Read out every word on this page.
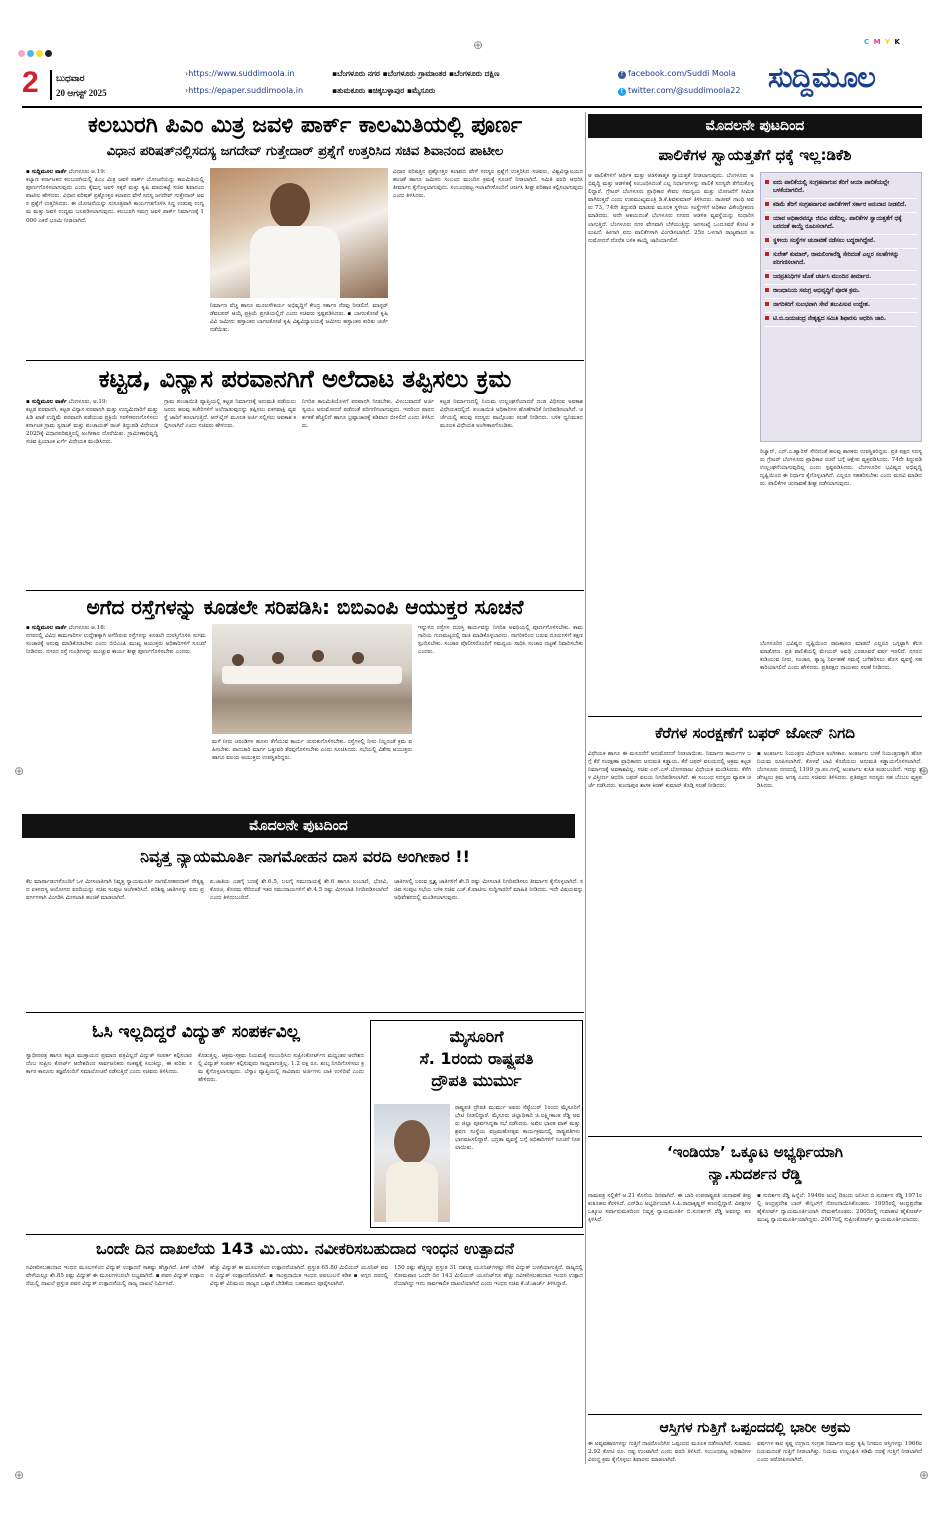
⊕	C M Y K
⊕	⊕
⊕	⊕
2 ಬುಧವಾರ
20 ಆಗಸ್ಟ್ 2025
›https://www.suddimoola.in
›https://epaper.suddimoola.in
▪ಬೆಂಗಳೂರು ನಗರ ▪ಬೆಂಗಳೂರು ಗ್ರಾಮಾಂತರ ▪ಬೆಂಗಳೂರು ದಕ್ಷಿಣ
▪ತುಮಕೂರು ▪ಚಿಕ್ಕಬಳ್ಳಾಪುರ ▪ಮೈಸೂರು
f facebook.com/Suddi Moola
t twitter.com/@suddimoola22 ಸುದ್ದಿಮೂಲ
ಕಲಬುರಗಿ ಪಿಎಂ ಮಿತ್ರ ಜವಳಿ ಪಾರ್ಕ್ ಕಾಲಮಿತಿಯಲ್ಲಿ ಪೂರ್ಣ
ವಿಧಾನ ಪರಿಷತ್‌ನಲ್ಲಿಸದಸ್ಯ ಜಗದೇವ್ ಗುತ್ತೇದಾರ್ ಪ್ರಶ್ನೆಗೆ ಉತ್ತರಿಸಿದ ಸಚಿವ ಶಿವಾನಂದ ಪಾಟೀಲ
▪ ಸುದ್ದಿಮೂಲ ವಾರ್ತೆ ಬೆಂಗಳೂರು ಆ.19:
ಕಲ್ಯಾಣ ಕರ್ನಾಟಕದ ಕಲಬುರಗಿಯಲ್ಲಿ ಪಿಎಂ ಮಿತ್ರ ಜವಳಿ ಪಾರ್ಕ್ ಯೋಜನೆಯನ್ನು ಕಾಲಮಿತಿಯಲ್ಲಿ ಪೂರ್ಣಗೊಳಿಸಲಾಗುವುದು ಎಂದು ಕೈಮಗ್ಗ ಜವಳಿ ಸಕ್ಕರೆ ಮತ್ತು ಕೃಷಿ ಮಾರುಕಟ್ಟೆ ಸಚಿವ ಶಿವಾನಂದ ಪಾಟೀಲ ಹೇಳಿದರು. ವಿಧಾನ ಪರಿಷತ್ ಪ್ರಶ್ನೋತ್ತರ ಕಲಾಪದ ವೇಳೆ ಸದಸ್ಯ ಜಗದೇವ್ ಗುತ್ತೇದಾರ್ ಅವರ ಪ್ರಶ್ನೆಗೆ ಉತ್ತರಿಸಿದರು. ಈ ಯೋಜನೆಯನ್ನು ಸುಸೂತ್ರವಾಗಿ ಕಾರ್ಯಗತಗೊಳಿಸಿ ಸಿದ್ಧ ಉಡುಪು ಉದ್ಯಮ ಮತ್ತು ಜವಳಿ ಉದ್ಯಮ ಬಲಪಡಿಸಲಾಗುವುದು. ಕಲಬುರಗಿ ಸಮಗ್ರ ಜವಳಿ ಪಾರ್ಕ್ ನಿರ್ಮಾಣಕ್ಕೆ 1000 ಎಕರೆ ಭೂಮಿ ನೀಡಲಾಗಿದೆ.
ನಿರ್ಮಾಣ ವೆಚ್ಚ ಹಾಗೂ ಮೂಲಸೌಕರ್ಯ ಅಭಿವೃದ್ಧಿಗೆ ಕೇಂದ್ರ ಸರ್ಕಾರ ನೆರವು ನೀಡಲಿದೆ. ಮಾಸ್ಟರ್ ಡೆವಲಪರ್ ಆಯ್ಕೆ ಪ್ರಕ್ರಿಯೆ ಪ್ರಗತಿಯಲ್ಲಿದೆ ಎಂದು ಸಚಿವರು ಸ್ಪಷ್ಟಪಡಿಸಿದರು. ▪ ಬಾಗಲಕೋಟೆ ಕೃಷಿ ವಿವಿ ಜಮೀನು ಹಸ್ತಾಂತರ ಬಾಗಲಕೋಟೆ ಕೃಷಿ ವಿಶ್ವವಿದ್ಯಾಲಯಕ್ಕೆ ಜಮೀನು ಹಸ್ತಾಂತರ ಕುರಿತು ಚರ್ಚೆ ನಡೆಯಿತು.
ವಿಧಾನ ಪರಿಷತ್ತಿನ ಪ್ರಶ್ನೋತ್ತರ ಕಲಾಪದ ವೇಳೆ ಸದಸ್ಯರ ಪ್ರಶ್ನೆಗೆ ಉತ್ತರಿಸಿದ ಸಚಿವರು, ವಿಶ್ವವಿದ್ಯಾಲಯದ ಹಂಚಿಕೆ ಹಾಗೂ ಜಮೀನು ಸಂಬಂಧ ಮುಂದಿನ ಕ್ರಮಕ್ಕೆ ಸೂಚನೆ ನೀಡಲಾಗಿದೆ. ಸಮಿತಿ ವರದಿ ಆಧರಿಸಿ ತೀರ್ಮಾನ ಕೈಗೊಳ್ಳಲಾಗುವುದು. ಸಂಬಂಧಪಟ್ಟ ಇಲಾಖೆಗಳೊಂದಿಗೆ ಚರ್ಚಿಸಿ ಶೀಘ್ರ ಪರಿಹಾರ ಕಲ್ಪಿಸಲಾಗುವುದು ಎಂದು ತಿಳಿಸಿದರು.
ಕಟ್ಟಡ, ವಿನ್ಯಾಸ ಪರವಾನಗಿಗೆ ಅಲೆದಾಟ ತಪ್ಪಿಸಲು ಕ್ರಮ
▪ ಸುದ್ದಿಮೂಲ ವಾರ್ತೆ ಬೆಂಗಳೂರು, ಆ.19:
ಕಟ್ಟಡ ಪರವಾನಗಿ, ಕಟ್ಟಡ ವಿನ್ಯಾಸ ಪರವಾನಗಿ ಮತ್ತು ಉದ್ಯಮಿದಾರಿಗೆ ಮತ್ತು ಪಿಡಿ ಖಾತೆ ಉದ್ದಿಮೆ ಪರವಾನಗಿ ಪಡೆಯುವ ಪ್ರಕ್ರಿಯೆ ಸರಳೀಕರಣಗೊಳಿಸಲು ಕರ್ನಾಟಕ ಗ್ರಾಮ ಸ್ವರಾಜ್ ಮತ್ತು ಪಂಚಾಯತ್ ರಾಜ್ ತಿದ್ದುಪಡಿ ವಿಧೇಯಕ 2025ಕ್ಕೆ ವಿಧಾನಪರಿಷತ್ತಿನಲ್ಲಿ ಅಂಗೀಕಾರ ದೊರೆಯಿತು. ಗ್ರಾಮೀಣಾಭಿವೃದ್ಧಿ ಸಚಿವ ಪ್ರಿಯಾಂಕ ಖರ್ಗೆ ವಿಧೇಯಕ ಮಂಡಿಸಿದರು.
ಗ್ರಾಮ ಪಂಚಾಯಿತಿ ವ್ಯಾಪ್ತಿಯಲ್ಲಿ ಕಟ್ಟಡ ನಿರ್ಮಾಣಕ್ಕೆ ಅನುಮತಿ ಪಡೆಯಲು ಜನರು ಹಲವು ಕಚೇರಿಗಳಿಗೆ ಅಲೆದಾಡುವುದನ್ನು ತಪ್ಪಿಸಲು ಏಕಗವಾಕ್ಷಿ ವ್ಯವಸ್ಥೆ ಜಾರಿಗೆ ತರಲಾಗುತ್ತಿದೆ. ಆನ್‌ಲೈನ್ ಮೂಲಕ ಅರ್ಜಿ ಸಲ್ಲಿಸಲು ಅವಕಾಶ ಕಲ್ಪಿಸಲಾಗಿದೆ ಎಂದು ಸಚಿವರು ಹೇಳಿದರು.
ನಿಗದಿತ ಕಾಲಮಿತಿಯೊಳಗೆ ಪರವಾನಗಿ ನೀಡಬೇಕು. ವಿಳಂಬವಾದರೆ ಅರ್ಜಿ ಸ್ವಯಂ ಅನುಮೋದನೆ ಪಡೆದಂತೆ ಪರಿಗಣಿಸಲಾಗುವುದು. ಇದರಿಂದ ಪಾರದರ್ಶಕತೆ ಹೆಚ್ಚಲಿದೆ ಹಾಗೂ ಭ್ರಷ್ಟಾಚಾರಕ್ಕೆ ಕಡಿವಾಣ ಬೀಳಲಿದೆ ಎಂದು ತಿಳಿಸಿದರು.
ಕಟ್ಟಡ ನಿರ್ಮಾಣದಲ್ಲಿ ನಿಯಮ ಉಲ್ಲಂಘನೆಯಾದರೆ ದಂಡ ವಿಧಿಸುವ ಅವಕಾಶ ವಿಧೇಯಕದಲ್ಲಿದೆ. ಪಂಚಾಯಿತಿ ಅಧಿಕಾರಿಗಳ ಹೊಣೆಗಾರಿಕೆ ನಿಗದಿಪಡಿಸಲಾಗಿದೆ. ಚರ್ಚೆಯಲ್ಲಿ ಹಲವು ಸದಸ್ಯರು ಪಾಲ್ಗೊಂಡು ಸಲಹೆ ನೀಡಿದರು. ಬಳಿಕ ಧ್ವನಿಮತದ ಮೂಲಕ ವಿಧೇಯಕ ಅಂಗೀಕಾರಗೊಂಡಿತು.
ಅಗೆದ ರಸ್ತೆಗಳನ್ನು ಕೂಡಲೇ ಸರಿಪಡಿಸಿ: ಬಿಬಿಎಂಪಿ ಆಯುಕ್ತರ ಸೂಚನೆ
▪ ಸುದ್ದಿಮೂಲ ವಾರ್ತೆ ಬೆಂಗಳೂರು ಆ.18:
ನಗರದಲ್ಲಿ ವಿವಿಧ ಕಾಮಗಾರಿಗಳ ಉದ್ದೇಶಕ್ಕಾಗಿ ಅಗೆದಿರುವ ರಸ್ತೆಗಳನ್ನು ಕೂಡಲೇ ದುರಸ್ತಿಗೊಳಿಸಿ ಸುಗಮ ಸಂಚಾರಕ್ಕೆ ಅನುವು ಮಾಡಿಕೊಡಬೇಕು ಎಂದು ಬಿಬಿಎಂಪಿ ಮುಖ್ಯ ಆಯುಕ್ತರು ಅಧಿಕಾರಿಗಳಿಗೆ ಸೂಚನೆ ನೀಡಿದರು. ನಗರದ ರಸ್ತೆ ಗುಂಡಿಗಳನ್ನು ಮುಚ್ಚುವ ಕಾರ್ಯ ಶೀಘ್ರ ಪೂರ್ಣಗೊಳಿಸಬೇಕು ಎಂದರು.
ಮಳೆ ನೀರು ಚರಂಡಿಗಳ ಹೂಳು ತೆಗೆಯುವ ಕಾರ್ಯ ಚುರುಕುಗೊಳಿಸಬೇಕು. ರಸ್ತೆಗಳಲ್ಲಿ ನೀರು ನಿಲ್ಲದಂತೆ ಕ್ರಮ ವಹಿಸಬೇಕು. ಪಾದಚಾರಿ ಮಾರ್ಗ ಒತ್ತುವರಿ ತೆರವುಗೊಳಿಸಬೇಕು ಎಂದು ಸೂಚಿಸಿದರು. ಸಭೆಯಲ್ಲಿ ವಿಶೇಷ ಆಯುಕ್ತರು ಹಾಗೂ ವಲಯ ಆಯುಕ್ತರು ಉಪಸ್ಥಿತರಿದ್ದರು.
ಇನ್ನುಳಿದ ರಸ್ತೆಗಳ ದುರಸ್ತಿ ಕಾರ್ಯವನ್ನು ನಿಗದಿತ ಅವಧಿಯಲ್ಲಿ ಪೂರ್ಣಗೊಳಿಸಬೇಕು. ಕಾಮಗಾರಿಯ ಗುಣಮಟ್ಟದಲ್ಲಿ ರಾಜಿ ಮಾಡಿಕೊಳ್ಳಬಾರದು. ನಾಗರಿಕರಿಂದ ಬರುವ ದೂರುಗಳಿಗೆ ತಕ್ಷಣ ಸ್ಪಂದಿಸಬೇಕು. ಸಂಚಾರ ಪೊಲೀಸರೊಂದಿಗೆ ಸಮನ್ವಯ ಸಾಧಿಸಿ ಸಂಚಾರ ದಟ್ಟಣೆ ನಿವಾರಿಸಬೇಕು ಎಂದರು.
ಮೊದಲನೇ ಪುಟದಿಂದ
ನಿವೃತ್ತ ನ್ಯಾಯಮೂರ್ತಿ ನಾಗಮೋಹನ ದಾಸ ವರದಿ ಅಂಗೀಕಾರ !!
ಕೆಲ ಮಾರ್ಪಾಡುಗಳೊಂದಿಗೆ ಒಳ ಮೀಸಲಾತಿಗಾಗಿ ನಿವೃತ್ತ ನ್ಯಾಯಮೂರ್ತಿ ನಾಗಮೋಹನದಾಸ್ ನೇತೃತ್ವದ ಏಕಸದಸ್ಯ ಆಯೋಗದ ವರದಿಯನ್ನು ಸಚಿವ ಸಂಪುಟ ಅಂಗೀಕರಿಸಿದೆ. ಪರಿಶಿಷ್ಟ ಜಾತಿಗಳನ್ನು ಐದು ಪ್ರವರ್ಗಗಳಾಗಿ ವಿಂಗಡಿಸಿ ಮೀಸಲಾತಿ ಹಂಚಿಕೆ ಮಾಡಲಾಗಿದೆ.
ಪ.ಜಾತಿಯ ಎಡಗೈ ಬಣಕ್ಕೆ ಶೇ.6.5, ಬಲಗೈ ಸಮುದಾಯಕ್ಕೆ ಶೇ.6 ಹಾಗೂ ಲಂಬಾಣಿ, ಭೋವಿ, ಕೊರಚ, ಕೊರಮ ಸೇರಿದಂತೆ ಇತರ ಸಮುದಾಯಗಳಿಗೆ ಶೇ.4.5 ರಷ್ಟು ಮೀಸಲಾತಿ ನಿಗದಿಪಡಿಸಲಾಗಿದೆ ಎಂದು ತಿಳಿದುಬಂದಿದೆ.
ಜಾತಿಗಳಲ್ಲಿ ಬರುವ ಸ್ಪೃಶ್ಯ ಜಾತಿಗಳಿಗೆ ಶೇ.5 ರಷ್ಟು ಮೀಸಲಾತಿ ನಿಗದಿಪಡಿಸಲು ತೀರ್ಮಾನ ಕೈಗೊಳ್ಳಲಾಗಿದೆ. ಸಚಿವ ಸಂಪುಟ ಸಭೆಯ ಬಳಿಕ ಸಚಿವ ಎಚ್.ಕೆ.ಪಾಟೀಲ ಸುದ್ದಿಗಾರರಿಗೆ ಮಾಹಿತಿ ನೀಡಿದರು. ಇದೇ ವಿಷಯವನ್ನು ಅಧಿವೇಶನದಲ್ಲಿ ಮಂಡಿಸಲಾಗುವುದು.
ಓಸಿ ಇಲ್ಲದಿದ್ದರೆ ವಿದ್ಯುತ್ ಸಂಪರ್ಕವಿಲ್ಲ
ಸ್ವಾಧೀನಪತ್ರ ಹಾಗೂ ಕಟ್ಟಡ ಮುಕ್ತಾಯದ ಪ್ರಮಾಣ ಪತ್ರವಿಲ್ಲದೆ ವಿದ್ಯುತ್ ಸಂಪರ್ಕ ಕಲ್ಪಿಸಬಾರದೆಂಬ ಸುಪ್ರೀಂ ಕೋರ್ಟ್ ಆದೇಶದಿಂದ ಸಾರ್ವಜನಿಕರು ಸಂಕಷ್ಟಕ್ಕೆ ಸಿಲುಕಿದ್ದು, ಈ ಕುರಿತು ಸರ್ಕಾರ ಕಾನೂನು ತಜ್ಞರೊಂದಿಗೆ ಸಮಾಲೋಚನೆ ನಡೆಸುತ್ತಿದೆ ಎಂದು ಸಚಿವರು ತಿಳಿಸಿದರು.
ಕೊಡುತ್ತಿಲ್ಲ. ಆಕ್ರಮ-ಸಕ್ರಮ ನಿಯಮಕ್ಕೆ ಸಂಬಂಧಿಸಿದ ಸುಪ್ರೀಂಕೋರ್ಟ್‌ನ ಮಧ್ಯಂತರ ಆದೇಶದಲ್ಲಿ ವಿದ್ಯುತ್ ಸಂಪರ್ಕ ಕಲ್ಪಿಸುವುದು ಸಾಧ್ಯವಾಗುತ್ತಿಲ್ಲ. 1.2 ಲಕ್ಷ ರೂ. ಶುಲ್ಕ ನಿಗದಿಗೊಳಿಸಲು ಕ್ರಮ ಕೈಗೊಳ್ಳಲಾಗುವುದು. ಬೆಸ್ಕಾಂ ವ್ಯಾಪ್ತಿಯಲ್ಲಿ ಸಾವಿರಾರು ಅರ್ಜಿಗಳು ಬಾಕಿ ಉಳಿದಿವೆ ಎಂದು ಹೇಳಿದರು.
ಮೈಸೂರಿಗೆ
ಸೆ. 1ರಂದು ರಾಷ್ಟ್ರಪತಿ
ದ್ರೌಪತಿ ಮುರ್ಮು
ರಾಷ್ಟ್ರಪತಿ ದ್ರೌಪತಿ ಮುರ್ಮು ಅವರು ಸೆಪ್ಟೆಂಬರ್ 1ರಂದು ಮೈಸೂರಿಗೆ ಭೇಟಿ ನೀಡಲಿದ್ದಾರೆ. ಮೈಸೂರು ಜಿಲ್ಲಾಧಿಕಾರಿ ಜಿ.ಲಕ್ಷ್ಮೀಕಾಂತ ರೆಡ್ಡಿ ಅವರು ಜಿಲ್ಲಾ ಪೂರ್ವಸಿದ್ಧತಾ ಸಭೆ ನಡೆಸಿದರು. ಅಖಿಲ ಭಾರತ ವಾಕ್ ಮತ್ತು ಶ್ರವಣ ಸಂಸ್ಥೆಯ ವಜ್ರಮಹೋತ್ಸವ ಕಾರ್ಯಕ್ರಮದಲ್ಲಿ ರಾಷ್ಟ್ರಪತಿಗಳು ಭಾಗವಹಿಸಲಿದ್ದಾರೆ. ಭದ್ರತಾ ವ್ಯವಸ್ಥೆ ಬಗ್ಗೆ ಅಧಿಕಾರಿಗಳಿಗೆ ಸೂಚನೆ ನೀಡಲಾಯಿತು.
ಒಂದೇ ದಿನ ದಾಖಲೆಯ 143 ಮಿ.ಯು. ನವೀಕರಿಸಬಹುದಾದ ಇಂಧನ ಉತ್ಪಾದನೆ
ನವೀಕರಿಸಬಹುದಾದ ಇಂಧನ ಮೂಲಗಳಿಂದ ವಿದ್ಯುತ್ ಉತ್ಪಾದನೆ ಸಾಕಷ್ಟು ಹೆಚ್ಚಾಗಿದೆ. ಪೀಕ್ ಬೇಡಿಕೆ ವೇಳೆಯಲ್ಲೂ ಶೇ.85 ರಷ್ಟು ವಿದ್ಯುತ್ ಈ ಮೂಲಗಳಿಂದಲೇ ಲಭ್ಯವಾಗಿದೆ. ▪ ಪವನ ವಿದ್ಯುತ್ ಉತ್ಪಾದನೆಯಲ್ಲಿ ದಾಖಲೆ ಪ್ರಸ್ತುತ ಪವನ ವಿದ್ಯುತ್ ಉತ್ಪಾದನೆಯಲ್ಲಿ ರಾಜ್ಯ ದಾಖಲೆ ನಿರ್ಮಿಸಿದೆ.
ಹೆಚ್ಚು ವಿದ್ಯುತ್ ಈ ಮೂಲಗಳಿಂದ ಉತ್ಪಾದನೆಯಾಗಿದೆ. ಪ್ರಸ್ತುತ 65.80 ಮಿಲಿಯನ್ ಯೂನಿಟ್ ಪವನ ವಿದ್ಯುತ್ ಉತ್ಪಾದನೆಯಾಗಿದೆ. ▪ ಸಾಂಪ್ರದಾಯಿಕ ಇಂಧನ ಅವಲಂಬನೆ ಕಡಿತ ▪ ಅಗ್ಗದ ದರದಲ್ಲಿ ವಿದ್ಯುತ್ ವಿನಿಮಯ ರಾಜ್ಯದ ಒಟ್ಟಾರೆ ಬೇಡಿಕೆಯ ಬಹುಪಾಲು ಪೂರೈಸಲಾಗಿದೆ.
150 ರಷ್ಟು ಹೆಚ್ಚಿದ್ದೂ ಪ್ರಸ್ತುತ 31 ದಶಲಕ್ಷ ಯೂನಿಟ್‌ಗಳಷ್ಟು ಸೌರ ವಿದ್ಯುತ್ ಬಳಕೆಯಾಗುತ್ತಿದೆ. ರಾಜ್ಯದಲ್ಲಿ ಸೋಮವಾರ ಒಂದೇ ದಿನ 143 ಮಿಲಿಯನ್ ಯೂನಿಟ್‌ಗೂ ಹೆಚ್ಚು ನವೀಕರಿಸಬಹುದಾದ ಇಂಧನ ಉತ್ಪಾದನೆಯಾಗಿದ್ದು ಇದು ಸಾರ್ವಕಾಲಿಕ ದಾಖಲೆಯಾಗಿದೆ ಎಂದು ಇಂಧನ ಸಚಿವ ಕೆ.ಜೆ.ಜಾರ್ಜ್ ತಿಳಿಸಿದ್ದಾರೆ.
ಮೊದಲನೇ ಪುಟದಿಂದ
ಪಾಲಿಕೆಗಳ ಸ್ವಾಯತ್ತತೆಗೆ ಧಕ್ಕೆ ಇಲ್ಲ:ಡಿಕೆಶಿ
ಆ ಪಾಲಿಕೆಗಳಿಗೆ ಆರ್ಥಿಕ ಮತ್ತು ಆಡಳಿತಾತ್ಮಕ ಸ್ವಾಯತ್ತತೆ ನೀಡಲಾಗುವುದು. ಬೆಂಗಳೂರು ಅಭಿವೃದ್ಧಿ ಮತ್ತು ಆಡಳಿತಕ್ಕೆ ಸಂಬಂಧಿಸಿದಂತೆ ಎಲ್ಲ ನಿರ್ಧಾರಗಳನ್ನು ಪಾಲಿಕೆ ಸದಸ್ಯರೇ ತೆಗೆದುಕೊಳ್ಳಲಿದ್ದಾರೆ. ಗ್ರೇಟರ್ ಬೆಂಗಳೂರು ಪ್ರಾಧಿಕಾರ ಕೇವಲ ಸಮನ್ವಯ ಮತ್ತು ಯೋಜನೆಗೆ ಸೀಮಿತವಾಗಿರುತ್ತದೆ ಎಂದು ಉಪಮುಖ್ಯಮಂತ್ರಿ ಡಿ.ಕೆ.ಶಿವಕುಮಾರ್ ತಿಳಿಸಿದರು. ರಾಜೀವ್ ಗಾಂಧಿ ಅವರು 73, 74ನೇ ತಿದ್ದುಪಡಿ ಮಾಡುವ ಮೂಲಕ ಸ್ಥಳೀಯ ಸಂಸ್ಥೆಗಳಿಗೆ ಅಧಿಕಾರ ವಿಕೇಂದ್ರೀಕರಣ ಮಾಡಿದರು. ಅದೇ ಆಶಯದಂತೆ ಬೆಂಗಳೂರು ನಗರದ ಆಡಳಿತ ವ್ಯವಸ್ಥೆಯನ್ನು ಸುಧಾರಿಸಲಾಗುತ್ತಿದೆ. ಬೆಂಗಳೂರು ನಗರ ವೇಗವಾಗಿ ಬೆಳೆಯುತ್ತಿದ್ದು ಜನಸಂಖ್ಯೆ ಒಂದೂವರೆ ಕೋಟಿ ತಲುಪಿದೆ. ಹೀಗಾಗಿ ಐದು ಪಾಲಿಕೆಗಳಾಗಿ ವಿಂಗಡಿಸಲಾಗಿದೆ. 25ರ ಒಳಗಾಗಿ ರಾಜ್ಯಪಾಲರ ಅನುಮೋದನೆ ದೊರೆತ ಬಳಿಕ ಕಾಯ್ದೆ ಜಾರಿಯಾಗಲಿದೆ.
ಐದು ಪಾಲಿಕೆಯಲ್ಲಿ ಸಂಗ್ರಹವಾಗುವ ತೆರಿಗೆ ಆಯಾ ಪಾಲಿಕೆಯಲ್ಲೇ ಬಳಕೆಯಾಗಲಿದೆ.
ಕಡಿಮೆ ತೆರಿಗೆ ಸಂಗ್ರಹವಾಗುವ ಪಾಲಿಕೆಗಳಿಗೆ ಸರ್ಕಾರ ಅನುದಾನ ನೀಡಲಿದೆ.
ಯಾವ ಅಧಿಕಾರವನ್ನೂ ಜಿಬಿಎ ಪಡೆದಿಲ್ಲ. ಪಾಲಿಕೆಗಳ ಸ್ವಾಯತ್ತತೆಗೆ ಧಕ್ಕೆ ಬರದಂತೆ ಕಾಯ್ದೆ ರೂಪಿಸಲಾಗಿದೆ.
ಸ್ಥಳೀಯ ಸಂಸ್ಥೆಗಳ ಚುನಾವಣೆ ನಡೆಸಲು ಬದ್ಧರಾಗಿದ್ದೇವೆ.
ಸುರೇಶ್ ಕುಮಾರ್, ರಾಮಲಿಂಗಾರೆಡ್ಡಿ ಸೇರಿದಂತೆ ಎಲ್ಲರ ಸಲಹೆಗಳನ್ನು ಪರಿಗಣಿಸಲಾಗಿದೆ.
ಜನಪ್ರತಿನಿಧಿಗಳ ಜೊತೆ ಚರ್ಚಿಸಿ ಮುಂದಿನ ತೀರ್ಮಾನ.
ರಾಜಧಾನಿಯ ಸಮಗ್ರ ಅಭಿವೃದ್ಧಿಗೆ ಪೂರಕ ಕ್ರಮ.
ನಾಗರಿಕರಿಗೆ ಸುಲಭವಾಗಿ ಸೇವೆ ತಲುಪಿಸುವ ಉದ್ದೇಶ.
ಟಿ.ಬಿ.ಜಯಚಂದ್ರ ನೇತೃತ್ವದ ಸಮಿತಿ ಶಿಫಾರಸು ಆಧರಿಸಿ ಜಾರಿ.
ರಿಜ್ವಾನ್, ಎನ್.ಎ.ಹ್ಯಾರಿಸ್ ಸೇರಿದಂತೆ ಹಲವು ಶಾಸಕರು ಉಪಸ್ಥಿತರಿದ್ದರು. ಪ್ರತಿ ಪಕ್ಷದ ಸದಸ್ಯರು ಗ್ರೇಟರ್ ಬೆಂಗಳೂರು ಪ್ರಾಧಿಕಾರ ರಚನೆ ಬಗ್ಗೆ ಆಕ್ಷೇಪ ವ್ಯಕ್ತಪಡಿಸಿದರು. 74ನೇ ತಿದ್ದುಪಡಿ ಉಲ್ಲಂಘನೆಯಾಗುವುದಿಲ್ಲ ಎಂದು ಸ್ಪಷ್ಟಪಡಿಸಿದರು. ಬೆಂಗಳೂರಿನ ಭವಿಷ್ಯದ ಅಭಿವೃದ್ಧಿ ದೃಷ್ಟಿಯಿಂದ ಈ ನಿರ್ಧಾರ ಕೈಗೊಳ್ಳಲಾಗಿದೆ. ಎಲ್ಲರೂ ಸಹಕರಿಸಬೇಕು ಎಂದು ಮನವಿ ಮಾಡಿದರು. ಪಾಲಿಕೆಗಳ ಚುನಾವಣೆ ಶೀಘ್ರ ನಡೆಸಲಾಗುವುದು.
ಬೆಂಗಳೂರಿನ ಭವಿಷ್ಯದ ದೃಷ್ಟಿಯಿಂದ ರಾಜಕಾರಣ ಮಾಡದೆ ಎಲ್ಲರೂ ಒಗ್ಗಟ್ಟಾಗಿ ಕೆಲಸ ಮಾಡೋಣ. ಪ್ರತಿ ಪಾಲಿಕೆಯಲ್ಲಿ ಮೇಯರ್ ಅವಧಿ ಎರಡೂವರೆ ವರ್ಷ ಇರಲಿದೆ. ನಗರದ ಕುಡಿಯುವ ನೀರು, ಸಂಚಾರ, ತ್ಯಾಜ್ಯ ನಿರ್ವಹಣೆ ಸಮಸ್ಯೆ ಬಗೆಹರಿಸಲು ಹೊಸ ವ್ಯವಸ್ಥೆ ಸಹಕಾರಿಯಾಗಲಿದೆ ಎಂದು ಹೇಳಿದರು. ಪ್ರತಿಪಕ್ಷದ ನಾಯಕರು ಸಲಹೆ ನೀಡಿದರು.
ಕೆರೆಗಳ ಸಂರಕ್ಷಣೆಗೆ ಬಫರ್ ಜೋನ್ ನಿಗದಿ
ವಿಧೇಯಕ ಹಾಗೂ ಈ ಮಸೂದೆಗೆ ಅನುಮೋದನೆ ನೀಡಲಾಯಿತು. ನಿರ್ಮಾಣ ಕಾರ್ಯಗಳ ಬಗ್ಗೆ ಕೆರೆ ಸಂರಕ್ಷಣಾ ಪ್ರಾಧಿಕಾರದ ಅನುಮತಿ ಕಡ್ಡಾಯ. ಕೆರೆ ಬಫರ್ ವಲಯದಲ್ಲಿ ಅಕ್ರಮ ಕಟ್ಟಡ ನಿರ್ಮಾಣಕ್ಕೆ ಅವಕಾಶವಿಲ್ಲ. ಸಚಿವ ಎನ್.ಎಸ್.ಬೋಸರಾಜು ವಿಧೇಯಕ ಮಂಡಿಸಿದರು. ಕೆರೆಗಳ ವಿಸ್ತೀರ್ಣ ಆಧರಿಸಿ ಬಫರ್ ವಲಯ ನಿಗದಿಪಡಿಸಲಾಗಿದೆ. ಈ ಸಂಬಂಧ ಸದಸ್ಯರು ವ್ಯಾಪಕ ಚರ್ಚೆ ನಡೆಸಿದರು. ಕುಂದಾಪುರ ಶಾಸಕ ಕಿರಣ್ ಕುಮಾರ್ ಕೊಡ್ಗಿ ಸಲಹೆ ನೀಡಿದರು.
▪ ಅಂತರ್ಜಲ ನಿಯಂತ್ರಣ ವಿಧೇಯಕ ಅಂಗೀಕಾರ. ಅಂತರ್ಜಲ ಬಳಕೆ ನಿಯಂತ್ರಣಕ್ಕಾಗಿ ಹೊಸ ನಿಯಮ ರೂಪಿಸಲಾಗಿದೆ. ಕೊಳವೆ ಬಾವಿ ಕೊರೆಯಲು ಅನುಮತಿ ಕಡ್ಡಾಯಗೊಳಿಸಲಾಗಿದೆ. ಬೆಂಗಳೂರು ನಗರದಲ್ಲಿ 1199 ಗ್ರಾ.ಪಂ.ಗಳಲ್ಲಿ ಅಂತರ್ಜಲ ಕುಸಿತ ಕಂಡುಬಂದಿದೆ. ಇದನ್ನು ತಡೆಗಟ್ಟಲು ಕ್ರಮ ಅಗತ್ಯ ಎಂದು ಸಚಿವರು ತಿಳಿಸಿದರು. ಪ್ರತಿಪಕ್ಷದ ಸದಸ್ಯರು ಸಹ ಬೆಂಬಲ ವ್ಯಕ್ತಪಡಿಸಿದರು.
‘ಇಂಡಿಯಾ’ ಒಕ್ಕೂಟ ಅಭ್ಯರ್ಥಿಯಾಗಿ
ನ್ಯಾ.ಸುದರ್ಶನ ರೆಡ್ಡಿ
ನಾಮಪತ್ರ ಸಲ್ಲಿಕೆಗೆ ಆ.21 ಕೊನೆಯ ದಿನವಾಗಿದೆ. ಈ ಬಾರಿ ಉಪರಾಷ್ಟ್ರಪತಿ ಚುನಾವಣೆ ತೀವ್ರ ಕುತೂಹಲ ಕೆರಳಿಸಿದೆ. ಎನ್‌ಡಿಎ ಅಭ್ಯರ್ಥಿಯಾಗಿ ಸಿ.ಪಿ.ರಾಧಾಕೃಷ್ಣನ್ ಕಣದಲ್ಲಿದ್ದಾರೆ. ವಿಪಕ್ಷಗಳ ಒಕ್ಕೂಟ ಸರ್ವಾನುಮತದಿಂದ ನಿವೃತ್ತ ನ್ಯಾಯಮೂರ್ತಿ ಬಿ.ಸುದರ್ಶನ್ ರೆಡ್ಡಿ ಅವರನ್ನು ಕಣಕ್ಕಿಳಿಸಿದೆ.
▪ ಸುದರ್ಶನ ರೆಡ್ಡಿ ಹಿನ್ನೆಲೆ: 1946ರ ಜುಲೈ 8ರಂದು ಜನಿಸಿದ ಬಿ.ಸುದರ್ಶನ ರೆಡ್ಡಿ 1971ರಲ್ಲಿ ಆಂಧ್ರಪ್ರದೇಶ ಬಾರ್ ಕೌನ್ಸಿಲ್‌ಗೆ ನೋಂದಾಯಿಸಿಕೊಂಡರು. 1995ರಲ್ಲಿ ಆಂಧ್ರಪ್ರದೇಶ ಹೈಕೋರ್ಟ್ ನ್ಯಾಯಮೂರ್ತಿಯಾಗಿ ನೇಮಕಗೊಂಡರು. 2005ರಲ್ಲಿ ಗುವಾಹಟಿ ಹೈಕೋರ್ಟ್ ಮುಖ್ಯ ನ್ಯಾಯಮೂರ್ತಿಯಾಗಿದ್ದರು. 2007ರಲ್ಲಿ ಸುಪ್ರೀಂಕೋರ್ಟ್ ನ್ಯಾಯಮೂರ್ತಿಯಾದರು.
ಆಸ್ತಿಗಳ ಗುತ್ತಿಗೆ ಒಪ್ಪಂದದಲ್ಲಿ ಭಾರೀ ಅಕ್ರಮ
ಈ ಅವ್ಯವಹಾರಗಳನ್ನು ಗುತ್ತಿಗೆ ದಾರರೊಂದಿಗಿನ ಒಪ್ಪಂದದ ಮೂಲಕ ನಡೆಸಲಾಗಿದೆ. ಸುಮಾರು 2.92 ಕೋಟಿ ರೂ. ನಷ್ಟ ಉಂಟಾಗಿದೆ ಎಂದು ವರದಿ ತಿಳಿಸಿದೆ. ಸಂಬಂಧಪಟ್ಟ ಅಧಿಕಾರಿಗಳ ವಿರುದ್ಧ ಕ್ರಮ ಕೈಗೊಳ್ಳಲು ಶಿಫಾರಸು ಮಾಡಲಾಗಿದೆ.
ವರ್ಷಗಳ ಕಾಲ ಕೃಷ್ಣ ಉಗ್ರಾಣ ಸಂಗ್ರಹ ನಿರ್ಮಾಣ ಮತ್ತು ಕೃಷಿ ನಿಗಮದ ಆಸ್ತಿಗಳನ್ನು 1966ರ ನಿಯಮದಂತೆ ಗುತ್ತಿಗೆ ನೀಡಲಾಗಿತ್ತು. ನಿಯಮ ಉಲ್ಲಂಘಿಸಿ ಕಡಿಮೆ ದರಕ್ಕೆ ಗುತ್ತಿಗೆ ನೀಡಲಾಗಿದೆ ಎಂದು ಆರೋಪಿಸಲಾಗಿದೆ.
